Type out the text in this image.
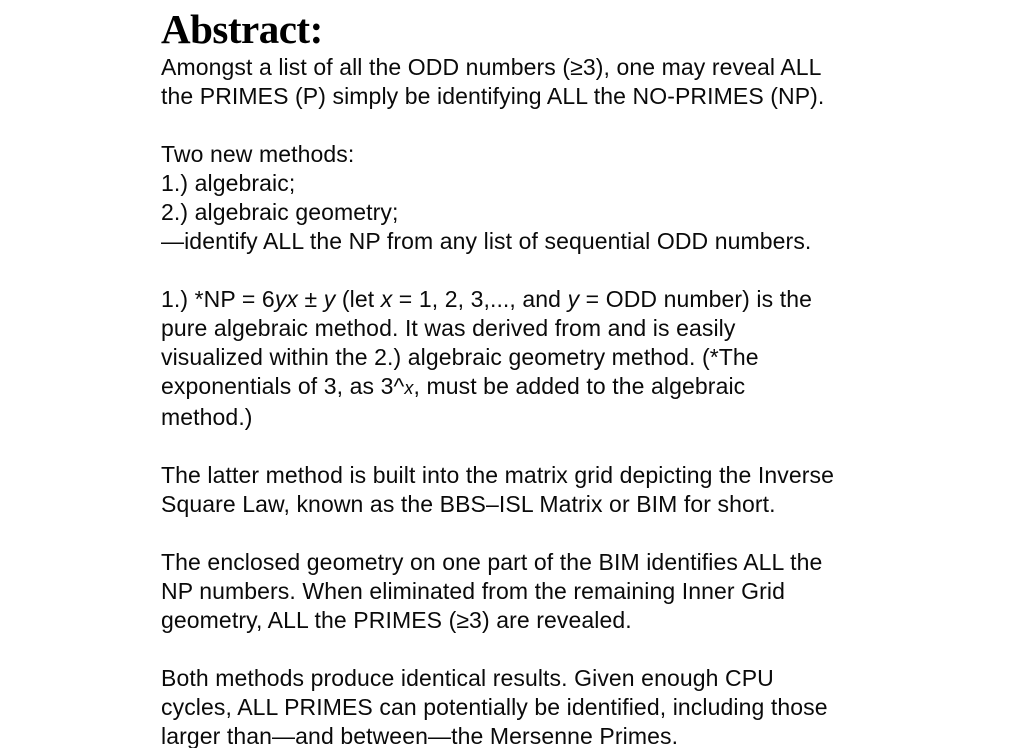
Abstract:
Amongst a list of all the ODD numbers (≥3), one may reveal ALL
the PRIMES (P) simply be identifying ALL the NO-PRIMES (NP).
Two new methods:
1.) algebraic;
2.) algebraic geometry;
—identify ALL the NP from any list of sequential ODD numbers.
1.) *NP = 6yx ± y (let x = 1, 2, 3,..., and y = ODD number) is the
pure algebraic method. It was derived from and is easily
visualized within the 2.) algebraic geometry method. (*The
exponentials of 3, as 3^x, must be added to the algebraic
method.)
The latter method is built into the matrix grid depicting the Inverse
Square Law, known as the BBS–ISL Matrix or BIM for short.
The enclosed geometry on one part of the BIM identifies ALL the
NP numbers. When eliminated from the remaining Inner Grid
geometry, ALL the PRIMES (≥3) are revealed.
Both methods produce identical results. Given enough CPU
cycles, ALL PRIMES can potentially be identified, including those
larger than—and between—the Mersenne Primes.
